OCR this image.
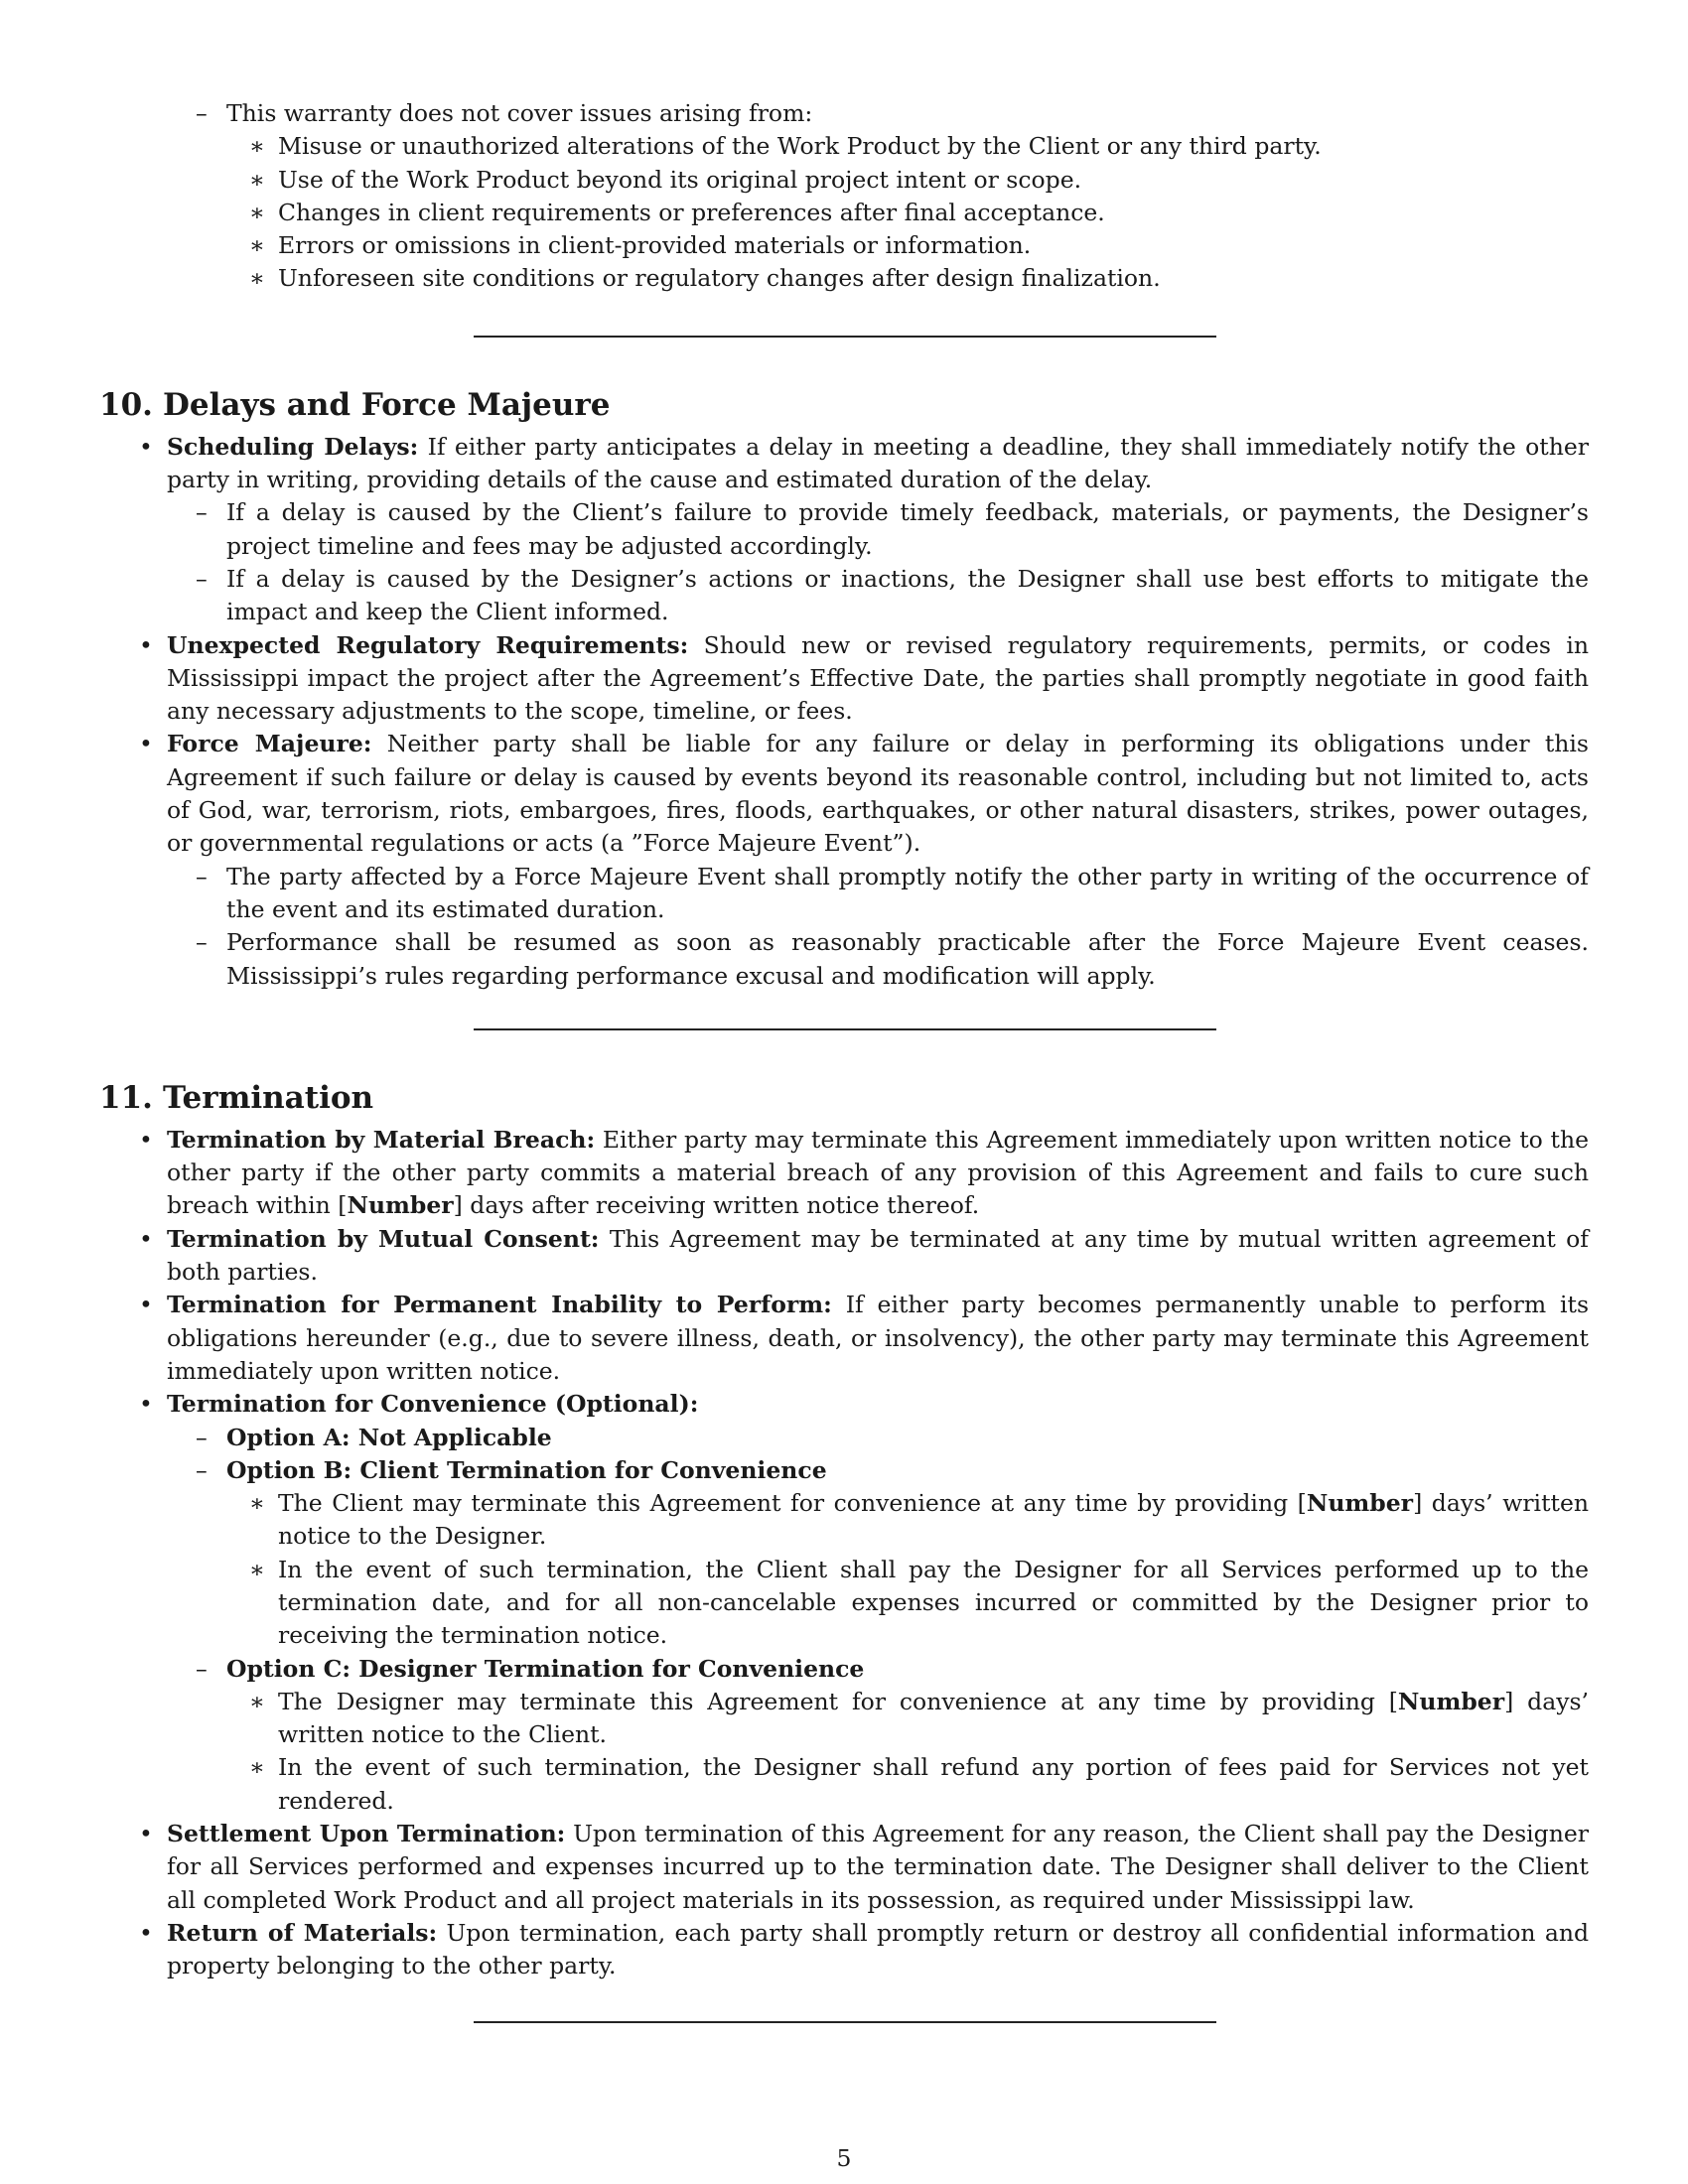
– This warranty does not cover issues arising from:
∗ Misuse or unauthorized alterations of the Work Product by the Client or any third party.
∗ Use of the Work Product beyond its original project intent or scope.
∗ Changes in client requirements or preferences after final acceptance.
∗ Errors or omissions in client-provided materials or information.
∗ Unforeseen site conditions or regulatory changes after design finalization.
10. Delays and Force Majeure
• Scheduling Delays: If either party anticipates a delay in meeting a deadline, they shall immediately notify the other party in writing, providing details of the cause and estimated duration of the delay.
– If a delay is caused by the Client’s failure to provide timely feedback, materials, or payments, the Designer’s project timeline and fees may be adjusted accordingly.
– If a delay is caused by the Designer’s actions or inactions, the Designer shall use best efforts to mitigate the impact and keep the Client informed.
• Unexpected Regulatory Requirements: Should new or revised regulatory requirements, permits, or codes in Mississippi impact the project after the Agreement’s Effective Date, the parties shall promptly negotiate in good faith any necessary adjustments to the scope, timeline, or fees.
• Force Majeure: Neither party shall be liable for any failure or delay in performing its obligations under this Agreement if such failure or delay is caused by events beyond its reasonable control, including but not limited to, acts of God, war, terrorism, riots, embargoes, fires, floods, earthquakes, or other natural disasters, strikes, power outages, or governmental regulations or acts (a ”Force Majeure Event”).
– The party affected by a Force Majeure Event shall promptly notify the other party in writing of the occurrence of the event and its estimated duration.
– Performance shall be resumed as soon as reasonably practicable after the Force Majeure Event ceases. Mississippi’s rules regarding performance excusal and modification will apply.
11. Termination
• Termination by Material Breach: Either party may terminate this Agreement immediately upon written notice to the other party if the other party commits a material breach of any provision of this Agreement and fails to cure such breach within [Number] days after receiving written notice thereof.
• Termination by Mutual Consent: This Agreement may be terminated at any time by mutual written agreement of both parties.
• Termination for Permanent Inability to Perform: If either party becomes permanently unable to perform its obligations hereunder (e.g., due to severe illness, death, or insolvency), the other party may terminate this Agreement immediately upon written notice.
• Termination for Convenience (Optional):
– Option A: Not Applicable
– Option B: Client Termination for Convenience
∗ The Client may terminate this Agreement for convenience at any time by providing [Number] days’ written notice to the Designer.
∗ In the event of such termination, the Client shall pay the Designer for all Services performed up to the termination date, and for all non-cancelable expenses incurred or committed by the Designer prior to receiving the termination notice.
– Option C: Designer Termination for Convenience
∗ The Designer may terminate this Agreement for convenience at any time by providing [Number] days’ written notice to the Client.
∗ In the event of such termination, the Designer shall refund any portion of fees paid for Services not yet rendered.
• Settlement Upon Termination: Upon termination of this Agreement for any reason, the Client shall pay the Designer for all Services performed and expenses incurred up to the termination date. The Designer shall deliver to the Client all completed Work Product and all project materials in its possession, as required under Mississippi law.
• Return of Materials: Upon termination, each party shall promptly return or destroy all confidential information and property belonging to the other party.
5
